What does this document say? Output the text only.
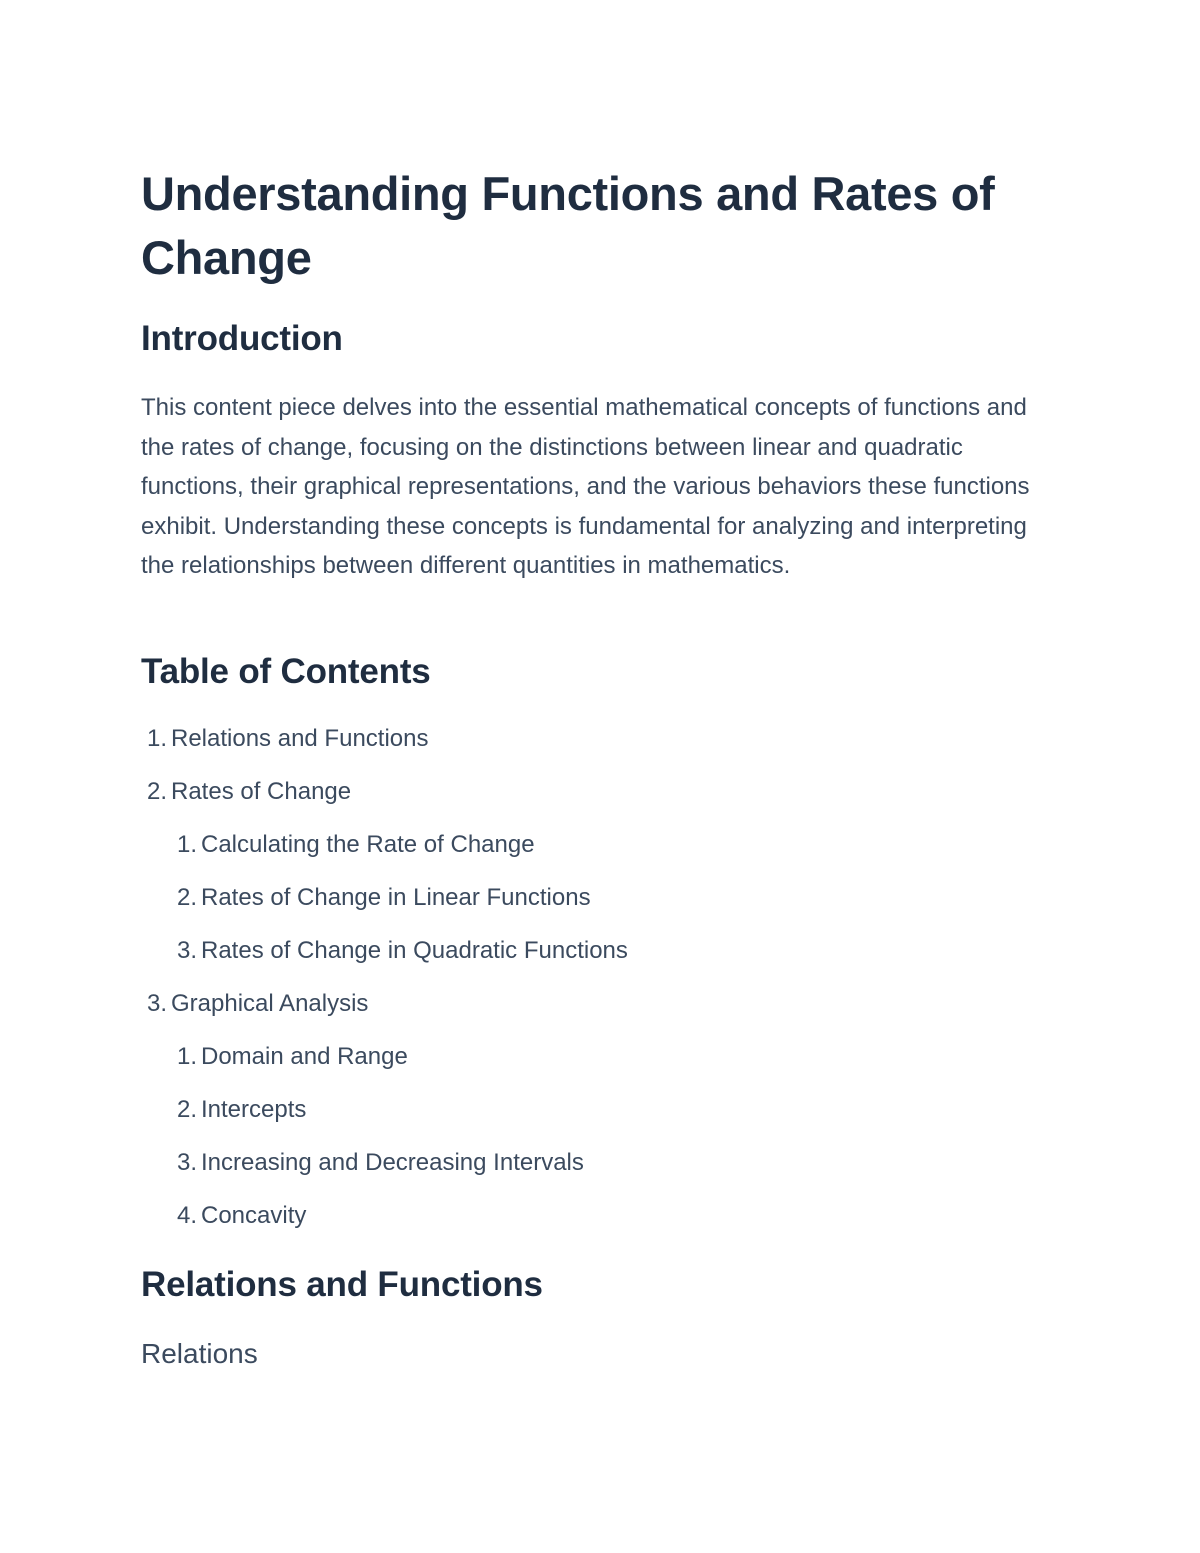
Understanding Functions and Rates of Change
Introduction

This content piece delves into the essential mathematical concepts of functions and the rates of change, focusing on the distinctions between linear and quadratic functions, their graphical representations, and the various behaviors these functions exhibit. Understanding these concepts is fundamental for analyzing and interpreting the relationships between different quantities in mathematics.

Table of Contents
1. Relations and Functions
2. Rates of Change
1. Calculating the Rate of Change
2. Rates of Change in Linear Functions
3. Rates of Change in Quadratic Functions
3. Graphical Analysis
1. Domain and Range
2. Intercepts
3. Increasing and Decreasing Intervals
4. Concavity
Relations and Functions
Relations
